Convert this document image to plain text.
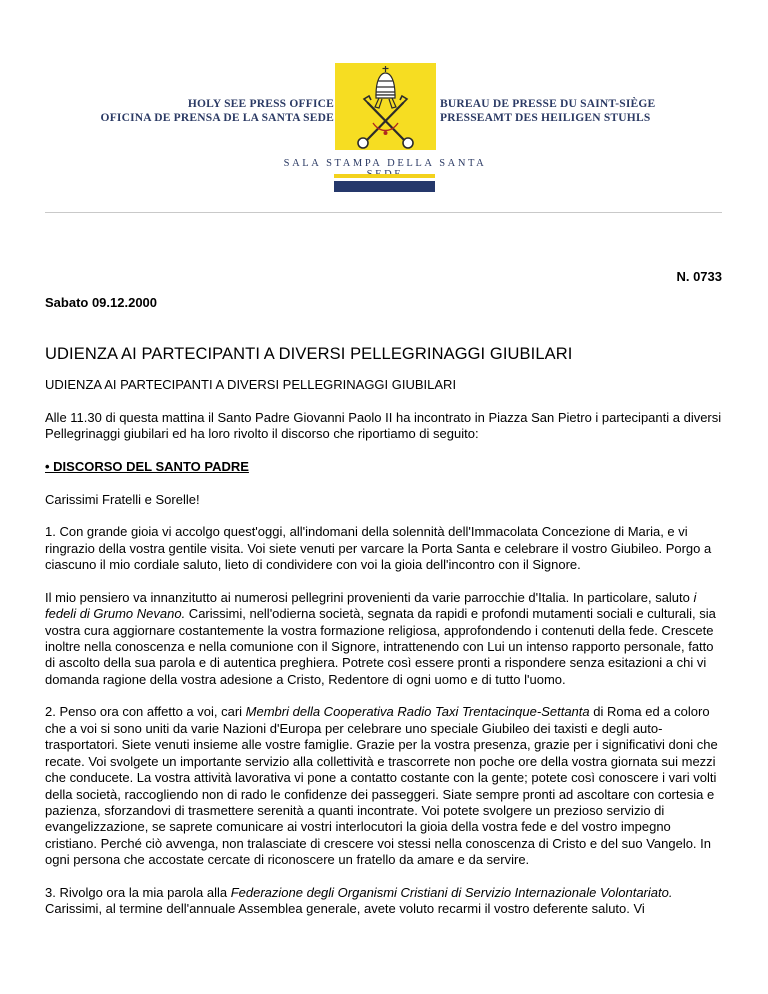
HOLY SEE PRESS OFFICE
OFICINA DE PRENSA DE LA SANTA SEDE
BUREAU DE PRESSE DU SAINT-SIÈGE
PRESSEAMT DES HEILIGEN STUHLS
SALA STAMPA DELLA SANTA
N. 0733
Sabato 09.12.2000
UDIENZA AI PARTECIPANTI A DIVERSI PELLEGRINAGGI GIUBILARI

UDIENZA AI PARTECIPANTI A DIVERSI PELLEGRINAGGI GIUBILARI

Alle 11.30 di questa mattina il Santo Padre Giovanni Paolo II ha incontrato in Piazza San Pietro i partecipanti a diversi Pellegrinaggi giubilari ed ha loro rivolto il discorso che riportiamo di seguito:

• DISCORSO DEL SANTO PADRE

Carissimi Fratelli e Sorelle!

1. Con grande gioia vi accolgo quest'oggi, all'indomani della solennità dell'Immacolata Concezione di Maria, e vi ringrazio della vostra gentile visita. Voi siete venuti per varcare la Porta Santa e celebrare il vostro Giubileo. Porgo a ciascuno il mio cordiale saluto, lieto di condividere con voi la gioia dell'incontro con il Signore.

Il mio pensiero va innanzitutto ai numerosi pellegrini provenienti da varie parrocchie d'Italia. In particolare, saluto i fedeli di Grumo Nevano. Carissimi, nell'odierna società, segnata da rapidi e profondi mutamenti sociali e culturali, sia vostra cura aggiornare costantemente la vostra formazione religiosa, approfondendo i contenuti della fede. Crescete inoltre nella conoscenza e nella comunione con il Signore, intrattenendo con Lui un intenso rapporto personale, fatto di ascolto della sua parola e di autentica preghiera. Potrete così essere pronti a rispondere senza esitazioni a chi vi domanda ragione della vostra adesione a Cristo, Redentore di ogni uomo e di tutto l'uomo.

2. Penso ora con affetto a voi, cari Membri della Cooperativa Radio Taxi Trentacinque-Settanta di Roma ed a coloro che a voi si sono uniti da varie Nazioni d'Europa per celebrare uno speciale Giubileo dei taxisti e degli auto-trasportatori. Siete venuti insieme alle vostre famiglie. Grazie per la vostra presenza, grazie per i significativi doni che recate. Voi svolgete un importante servizio alla collettività e trascorrete non poche ore della vostra giornata sui mezzi che conducete. La vostra attività lavorativa vi pone a contatto costante con la gente; potete così conoscere i vari volti della società, raccogliendo non di rado le confidenze dei passeggeri. Siate sempre pronti ad ascoltare con cortesia e pazienza, sforzandovi di trasmettere serenità a quanti incontrate. Voi potete svolgere un prezioso servizio di evangelizzazione, se saprete comunicare ai vostri interlocutori la gioia della vostra fede e del vostro impegno cristiano. Perché ciò avvenga, non tralasciate di crescere voi stessi nella conoscenza di Cristo e del suo Vangelo. In ogni persona che accostate cercate di riconoscere un fratello da amare e da servire.

3. Rivolgo ora la mia parola alla Federazione degli Organismi Cristiani di Servizio Internazionale Volontariato. Carissimi, al termine dell'annuale Assemblea generale, avete voluto recarmi il vostro deferente saluto. Vi
